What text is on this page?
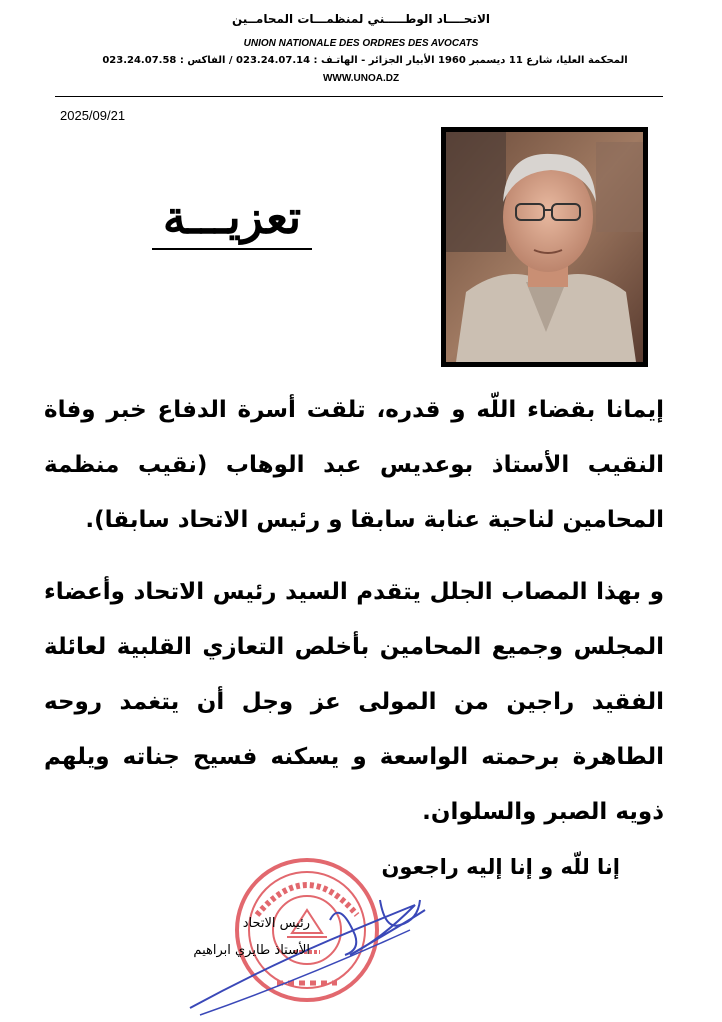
الاتحــــاد الوطـــــني لمنظمـــات المحامــين
UNION NATIONALE DES ORDRES DES AVOCATS
المحكمة العليا، شارع 11 ديسمبر 1960 الأبيار الجزائر - الهاتـف : 023.24.07.14 / الفاكس : 023.24.07.58
WWW.UNOA.DZ
2025/09/21
تعزيـــة
إيمانا بقضاء اللّه و قدره، تلقت أسرة الدفاع خبر وفاة النقيب الأستاذ بوعديس عبد الوهاب (نقيب منظمة المحامين لناحية عنابة سابقا و رئيس الاتحاد سابقا).
و بهذا المصاب الجلل يتقدم السيد رئيس الاتحاد وأعضاء المجلس وجميع المحامين بأخلص التعازي القلبية لعائلة الفقيد راجين من المولى عز وجل أن يتغمد روحه الطاهرة برحمته الواسعة و يسكنه فسيح جناته ويلهم ذويه الصبر والسلوان.
إنا للّه و إنا إليه راجعون
رئيس الاتحاد
الأستاذ طايري ابراهيم
